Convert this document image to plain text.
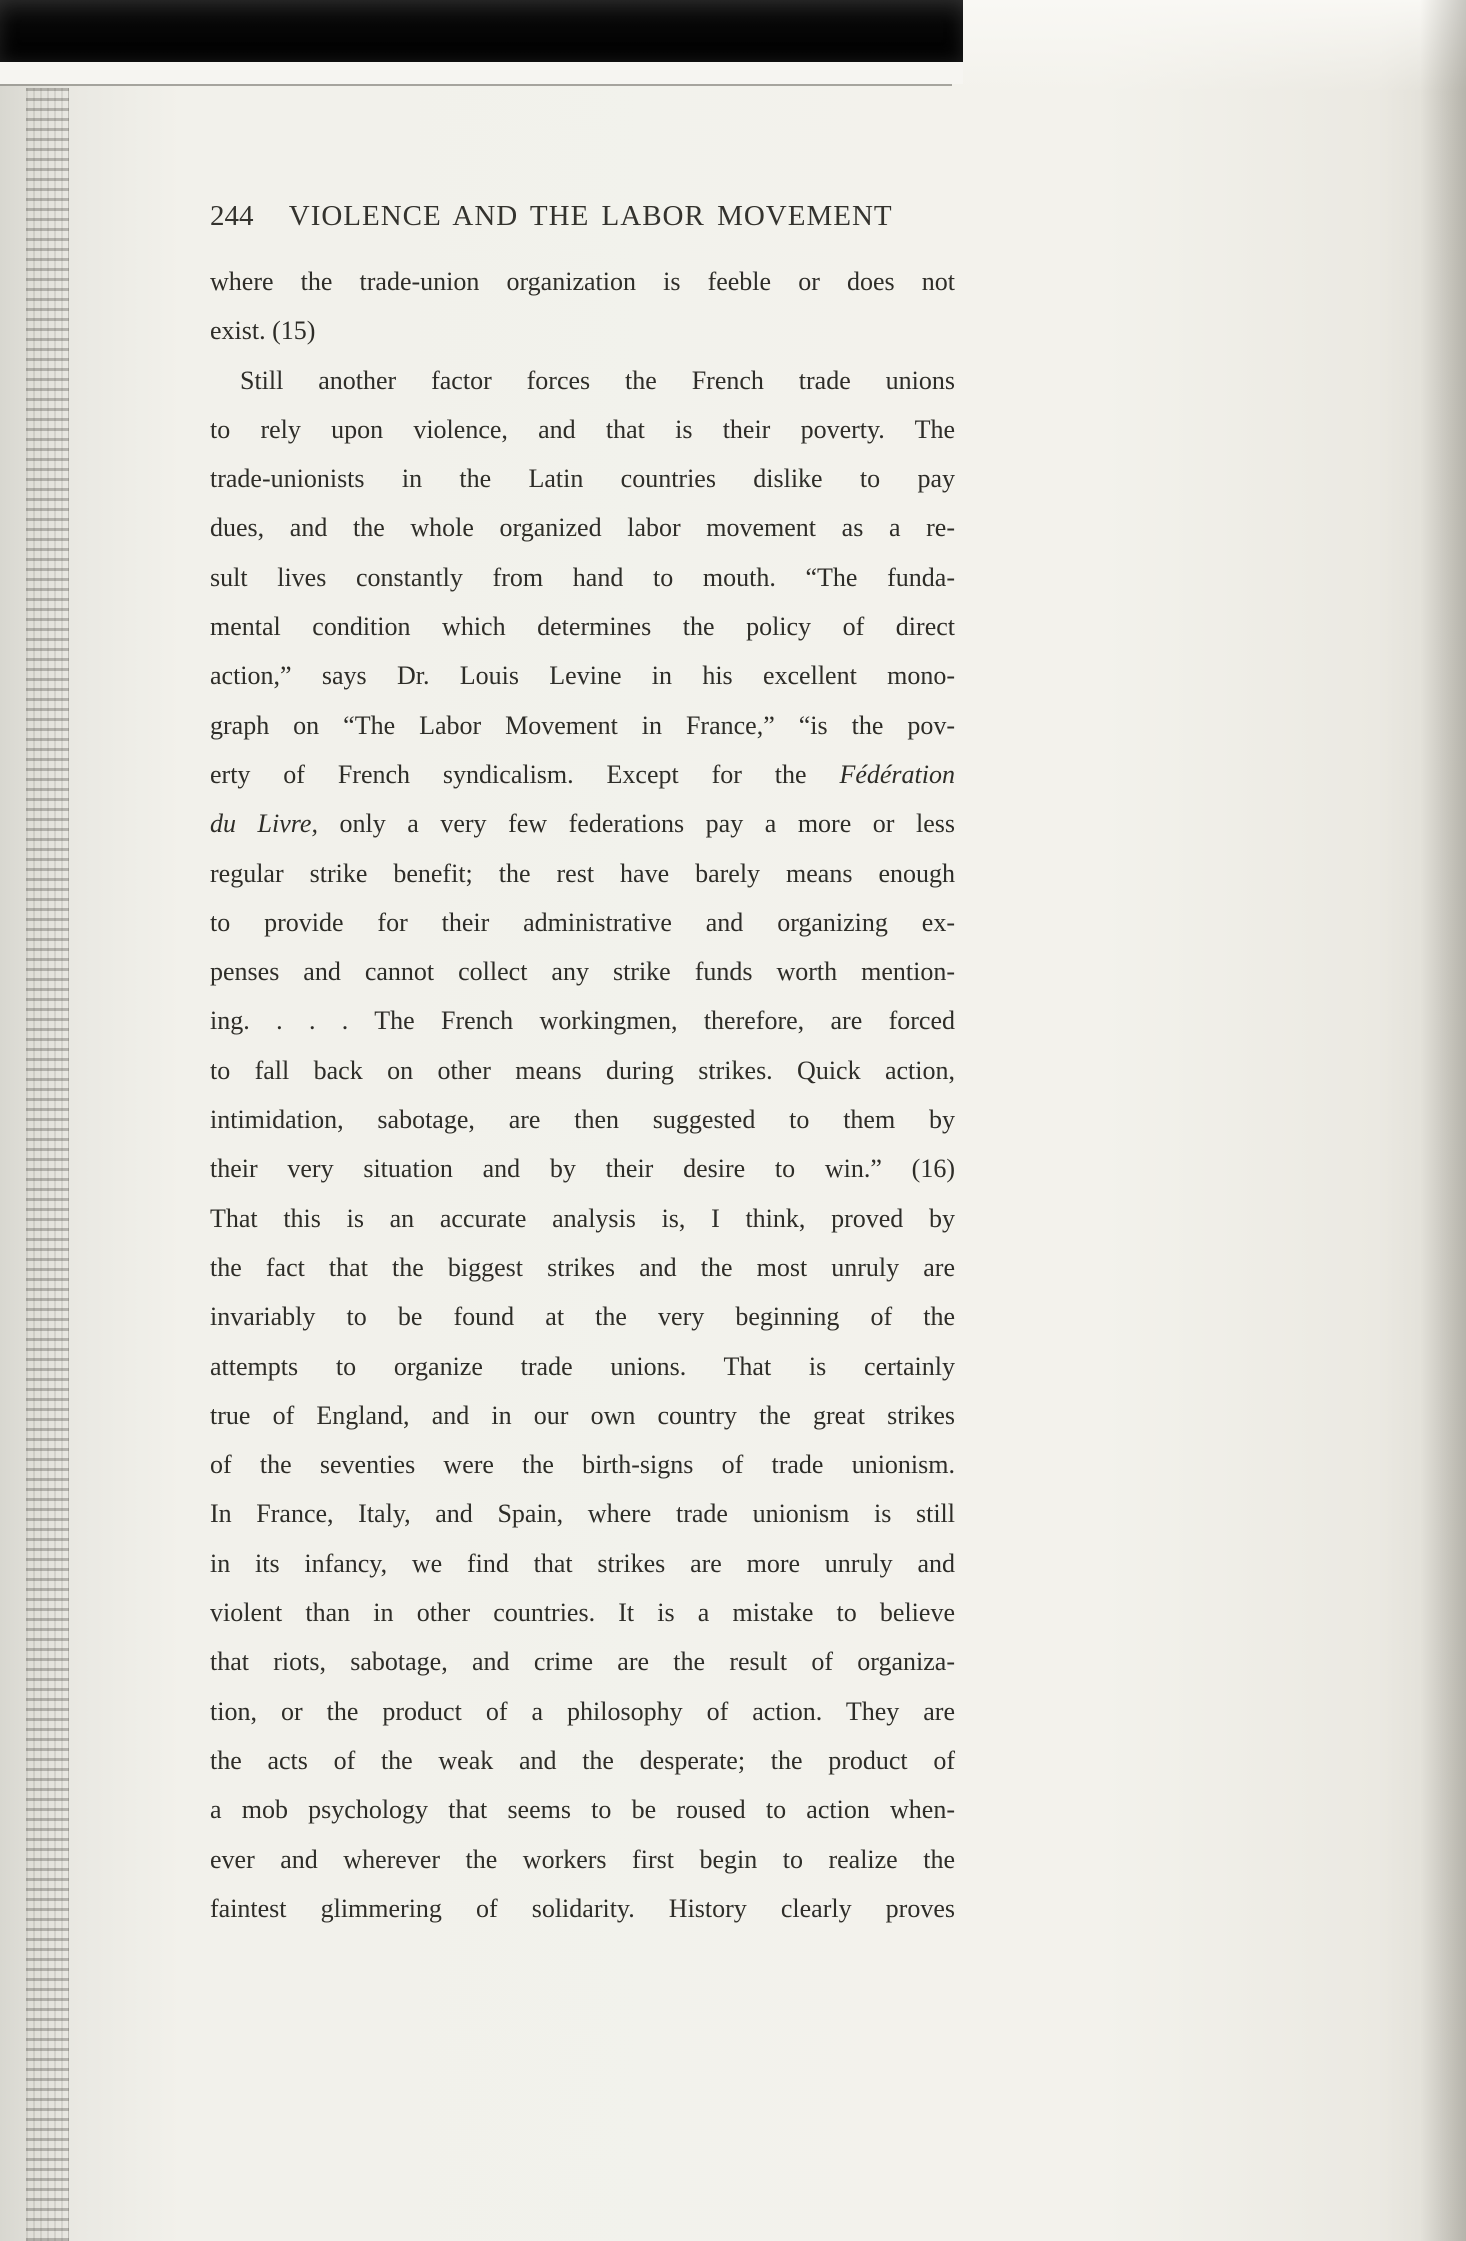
244 VIOLENCE AND THE LABOR MOVEMENT
where the trade-union organization is feeble or does not
exist. (15)
Still another factor forces the French trade unions
to rely upon violence, and that is their poverty. The
trade-unionists in the Latin countries dislike to pay
dues, and the whole organized labor movement as a re-
sult lives constantly from hand to mouth. “The funda-
mental condition which determines the policy of direct
action,” says Dr. Louis Levine in his excellent mono-
graph on “The Labor Movement in France,” “is the pov-
erty of French syndicalism. Except for the Fédération
du Livre, only a very few federations pay a more or less
regular strike benefit; the rest have barely means enough
to provide for their administrative and organizing ex-
penses and cannot collect any strike funds worth mention-
ing. . . . The French workingmen, therefore, are forced
to fall back on other means during strikes. Quick action,
intimidation, sabotage, are then suggested to them by
their very situation and by their desire to win.” (16)
That this is an accurate analysis is, I think, proved by
the fact that the biggest strikes and the most unruly are
invariably to be found at the very beginning of the
attempts to organize trade unions. That is certainly
true of England, and in our own country the great strikes
of the seventies were the birth-signs of trade unionism.
In France, Italy, and Spain, where trade unionism is still
in its infancy, we find that strikes are more unruly and
violent than in other countries. It is a mistake to believe
that riots, sabotage, and crime are the result of organiza-
tion, or the product of a philosophy of action. They are
the acts of the weak and the desperate; the product of
a mob psychology that seems to be roused to action when-
ever and wherever the workers first begin to realize the
faintest glimmering of solidarity. History clearly proves
